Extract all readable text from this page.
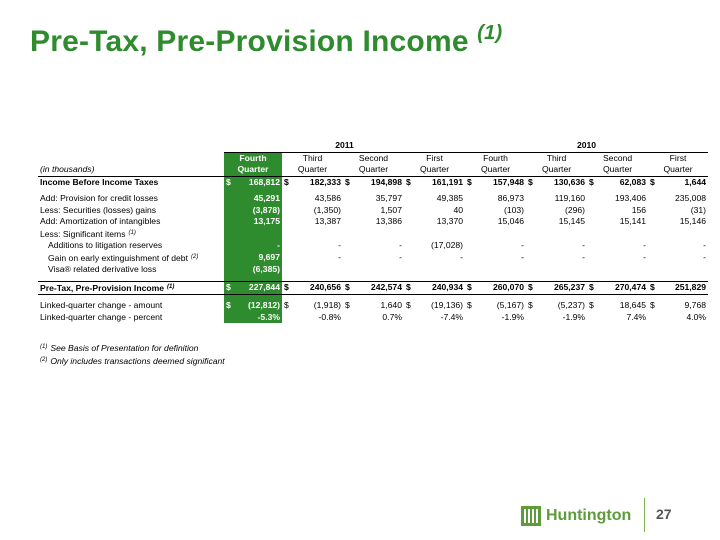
Pre-Tax, Pre-Provision Income $^{(1)}$
	2011								2010							
	Fourth		Third		Second		First		Fourth		Third		Second		First	
(in thousands)	Quarter		Quarter		Quarter		Quarter		Quarter		Quarter		Quarter		Quarter	
Income Before Income Taxes	$	168,812	$	182,333	$	194,898	$	161,191	$	157,948	$	130,636	$	62,083	$	1,644

Add: Provision for credit losses		45,291		43,586		35,797		49,385		86,973		119,160		193,406		235,008
Less: Securities (losses) gains		(3,878)		(1,350)		1,507		40		(103)		(296)		156		(31)
Add: Amortization of intangibles		13,175		13,387		13,386		13,370		15,046		15,145		15,141		15,146
Less: Significant items $^{(1)}$																
Additions to litigation reserves		-		-		-		(17,028)		-		-		-		-
Gain on early extinguishment of debt $^{(2)}$		9,697		-		-		-		-		-		-		-
Visa® related derivative loss		(6,385)														

Pre-Tax, Pre-Provision Income $^{(1)}$	$	227,844	$	240,656	$	242,574	$	240,934	$	260,070	$	265,237	$	270,474	$	251,829

Linked-quarter change - amount	$	(12,812)	$	(1,918)	$	1,640	$	(19,136)	$	(5,167)	$	(5,237)	$	18,645	$	9,768
Linked-quarter change - percent		-5.3%		-0.8%		0.7%		-7.4%		-1.9%		-1.9%		7.4%		4.0%
$^{(1)}$ See Basis of Presentation for definition
$^{(2)}$ Only includes transactions deemed significant
Huntington 27
